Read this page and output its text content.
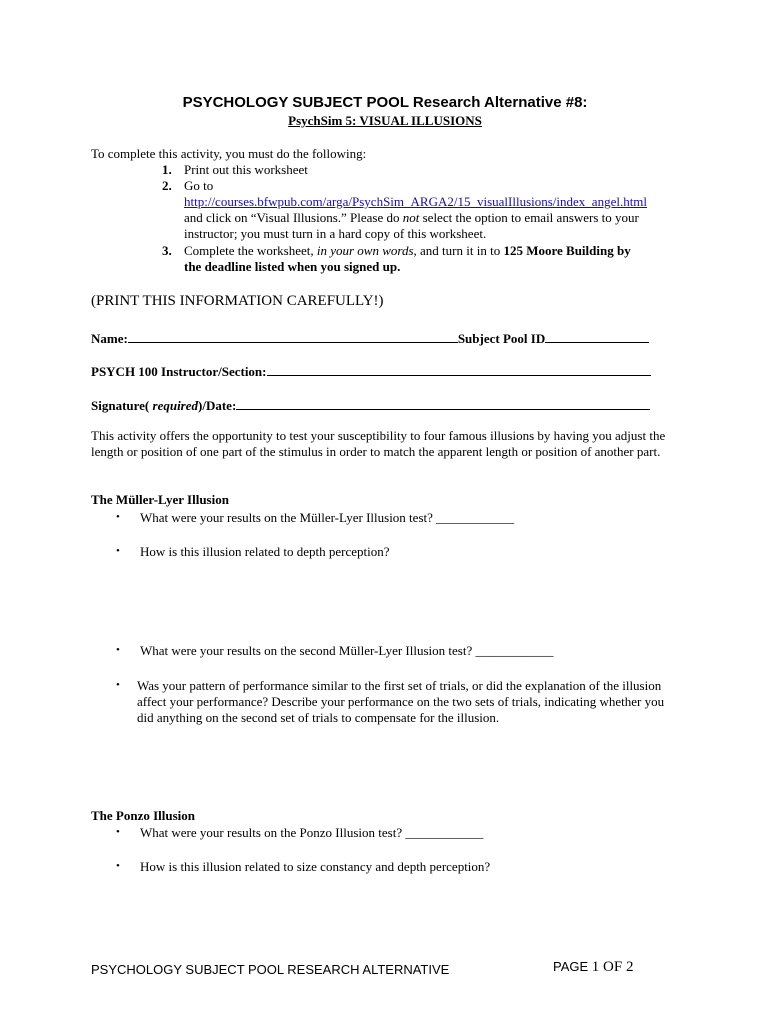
PSYCHOLOGY SUBJECT POOL Research Alternative #8:
PsychSim 5: VISUAL ILLUSIONS
To complete this activity, you must do the following:
1. Print out this worksheet
2. Go to
http://courses.bfwpub.com/arga/PsychSim_ARGA2/15_visualIllusions/index_angel.html
and click on “Visual Illusions.” Please do not select the option to email answers to your
instructor; you must turn in a hard copy of this worksheet.
3. Complete the worksheet, in your own words, and turn it in to 125 Moore Building by
the deadline listed when you signed up.
(PRINT THIS INFORMATION CAREFULLY!)
Name:	Subject Pool ID
PSYCH 100 Instructor/Section:
Signature( required)/Date:
This activity offers the opportunity to test your susceptibility to four famous illusions by having you adjust the length or position of one part of the stimulus in order to match the apparent length or position of another part.
The Müller-Lyer Illusion
• What were your results on the Müller-Lyer Illusion test? ____________
• How is this illusion related to depth perception?
• What were your results on the second Müller-Lyer Illusion test? ____________
• Was your pattern of performance similar to the first set of trials, or did the explanation of the illusion affect your performance? Describe your performance on the two sets of trials, indicating whether you did anything on the second set of trials to compensate for the illusion.
The Ponzo Illusion
• What were your results on the Ponzo Illusion test? ____________
• How is this illusion related to size constancy and depth perception?
PSYCHOLOGY SUBJECT POOL RESEARCH ALTERNATIVE	PAGE 1 OF 2
